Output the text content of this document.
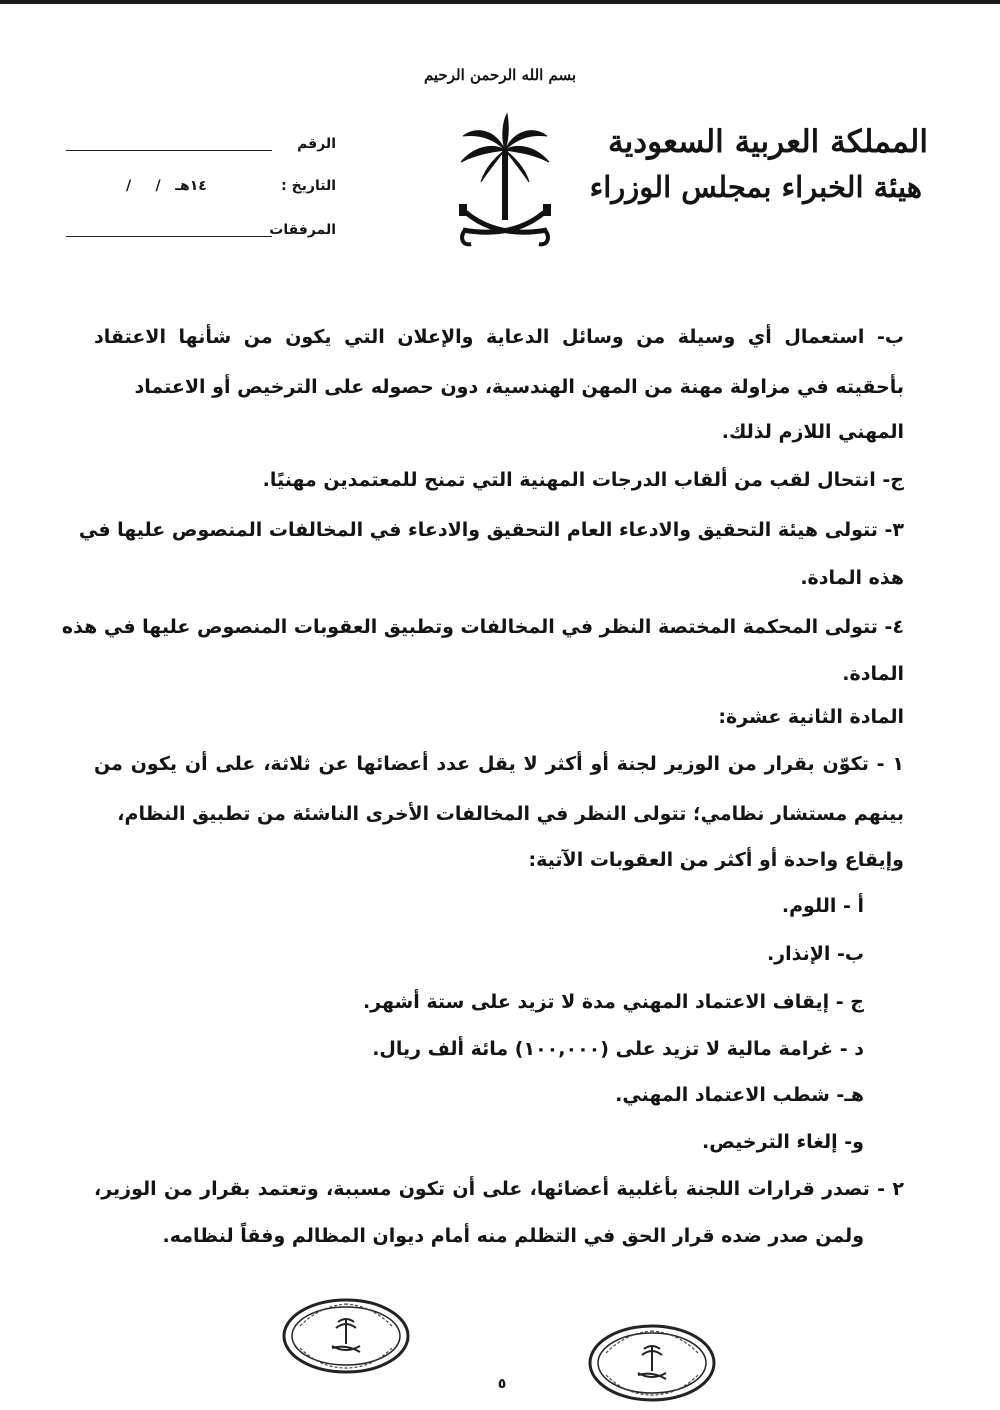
بسم الله الرحمن الرحيم
المملكة العربية السعودية
هيئة الخبراء بمجلس الوزراء
الرقم
التاريخ :
١٤هـ   /     /
المرفقات
ب- استعمال أي وسيلة من وسائل الدعاية والإعلان التي يكون من شأنها الاعتقاد
بأحقيته في مزاولة مهنة من المهن الهندسية، دون حصوله على الترخيص أو الاعتماد
المهني اللازم لذلك.
ج- انتحال لقب من ألقاب الدرجات المهنية التي تمنح للمعتمدين مهنيًا.
٣- تتولى هيئة التحقيق والادعاء العام التحقيق والادعاء في المخالفات المنصوص عليها في
هذه المادة.
٤- تتولى المحكمة المختصة النظر في المخالفات وتطبيق العقوبات المنصوص عليها في هذه
المادة.
المادة الثانية عشرة:
١ - تكوّن بقرار من الوزير لجنة أو أكثر لا يقل عدد أعضائها عن ثلاثة، على أن يكون من
بينهم مستشار نظامي؛ تتولى النظر في المخالفات الأخرى الناشئة من تطبيق النظام،
وإيقاع واحدة أو أكثر من العقوبات الآتية:
أ - اللوم.
ب- الإنذار.
ج - إيقاف الاعتماد المهني مدة لا تزيد على ستة أشهر.
د - غرامة مالية لا تزيد على (١٠٠,٠٠٠) مائة ألف ريال.
هـ- شطب الاعتماد المهني.
و- إلغاء الترخيص.
٢ - تصدر قرارات اللجنة بأغلبية أعضائها، على أن تكون مسببة، وتعتمد بقرار من الوزير،
ولمن صدر ضده قرار الحق في التظلم منه أمام ديوان المظالم وفقاً لنظامه.
٥
